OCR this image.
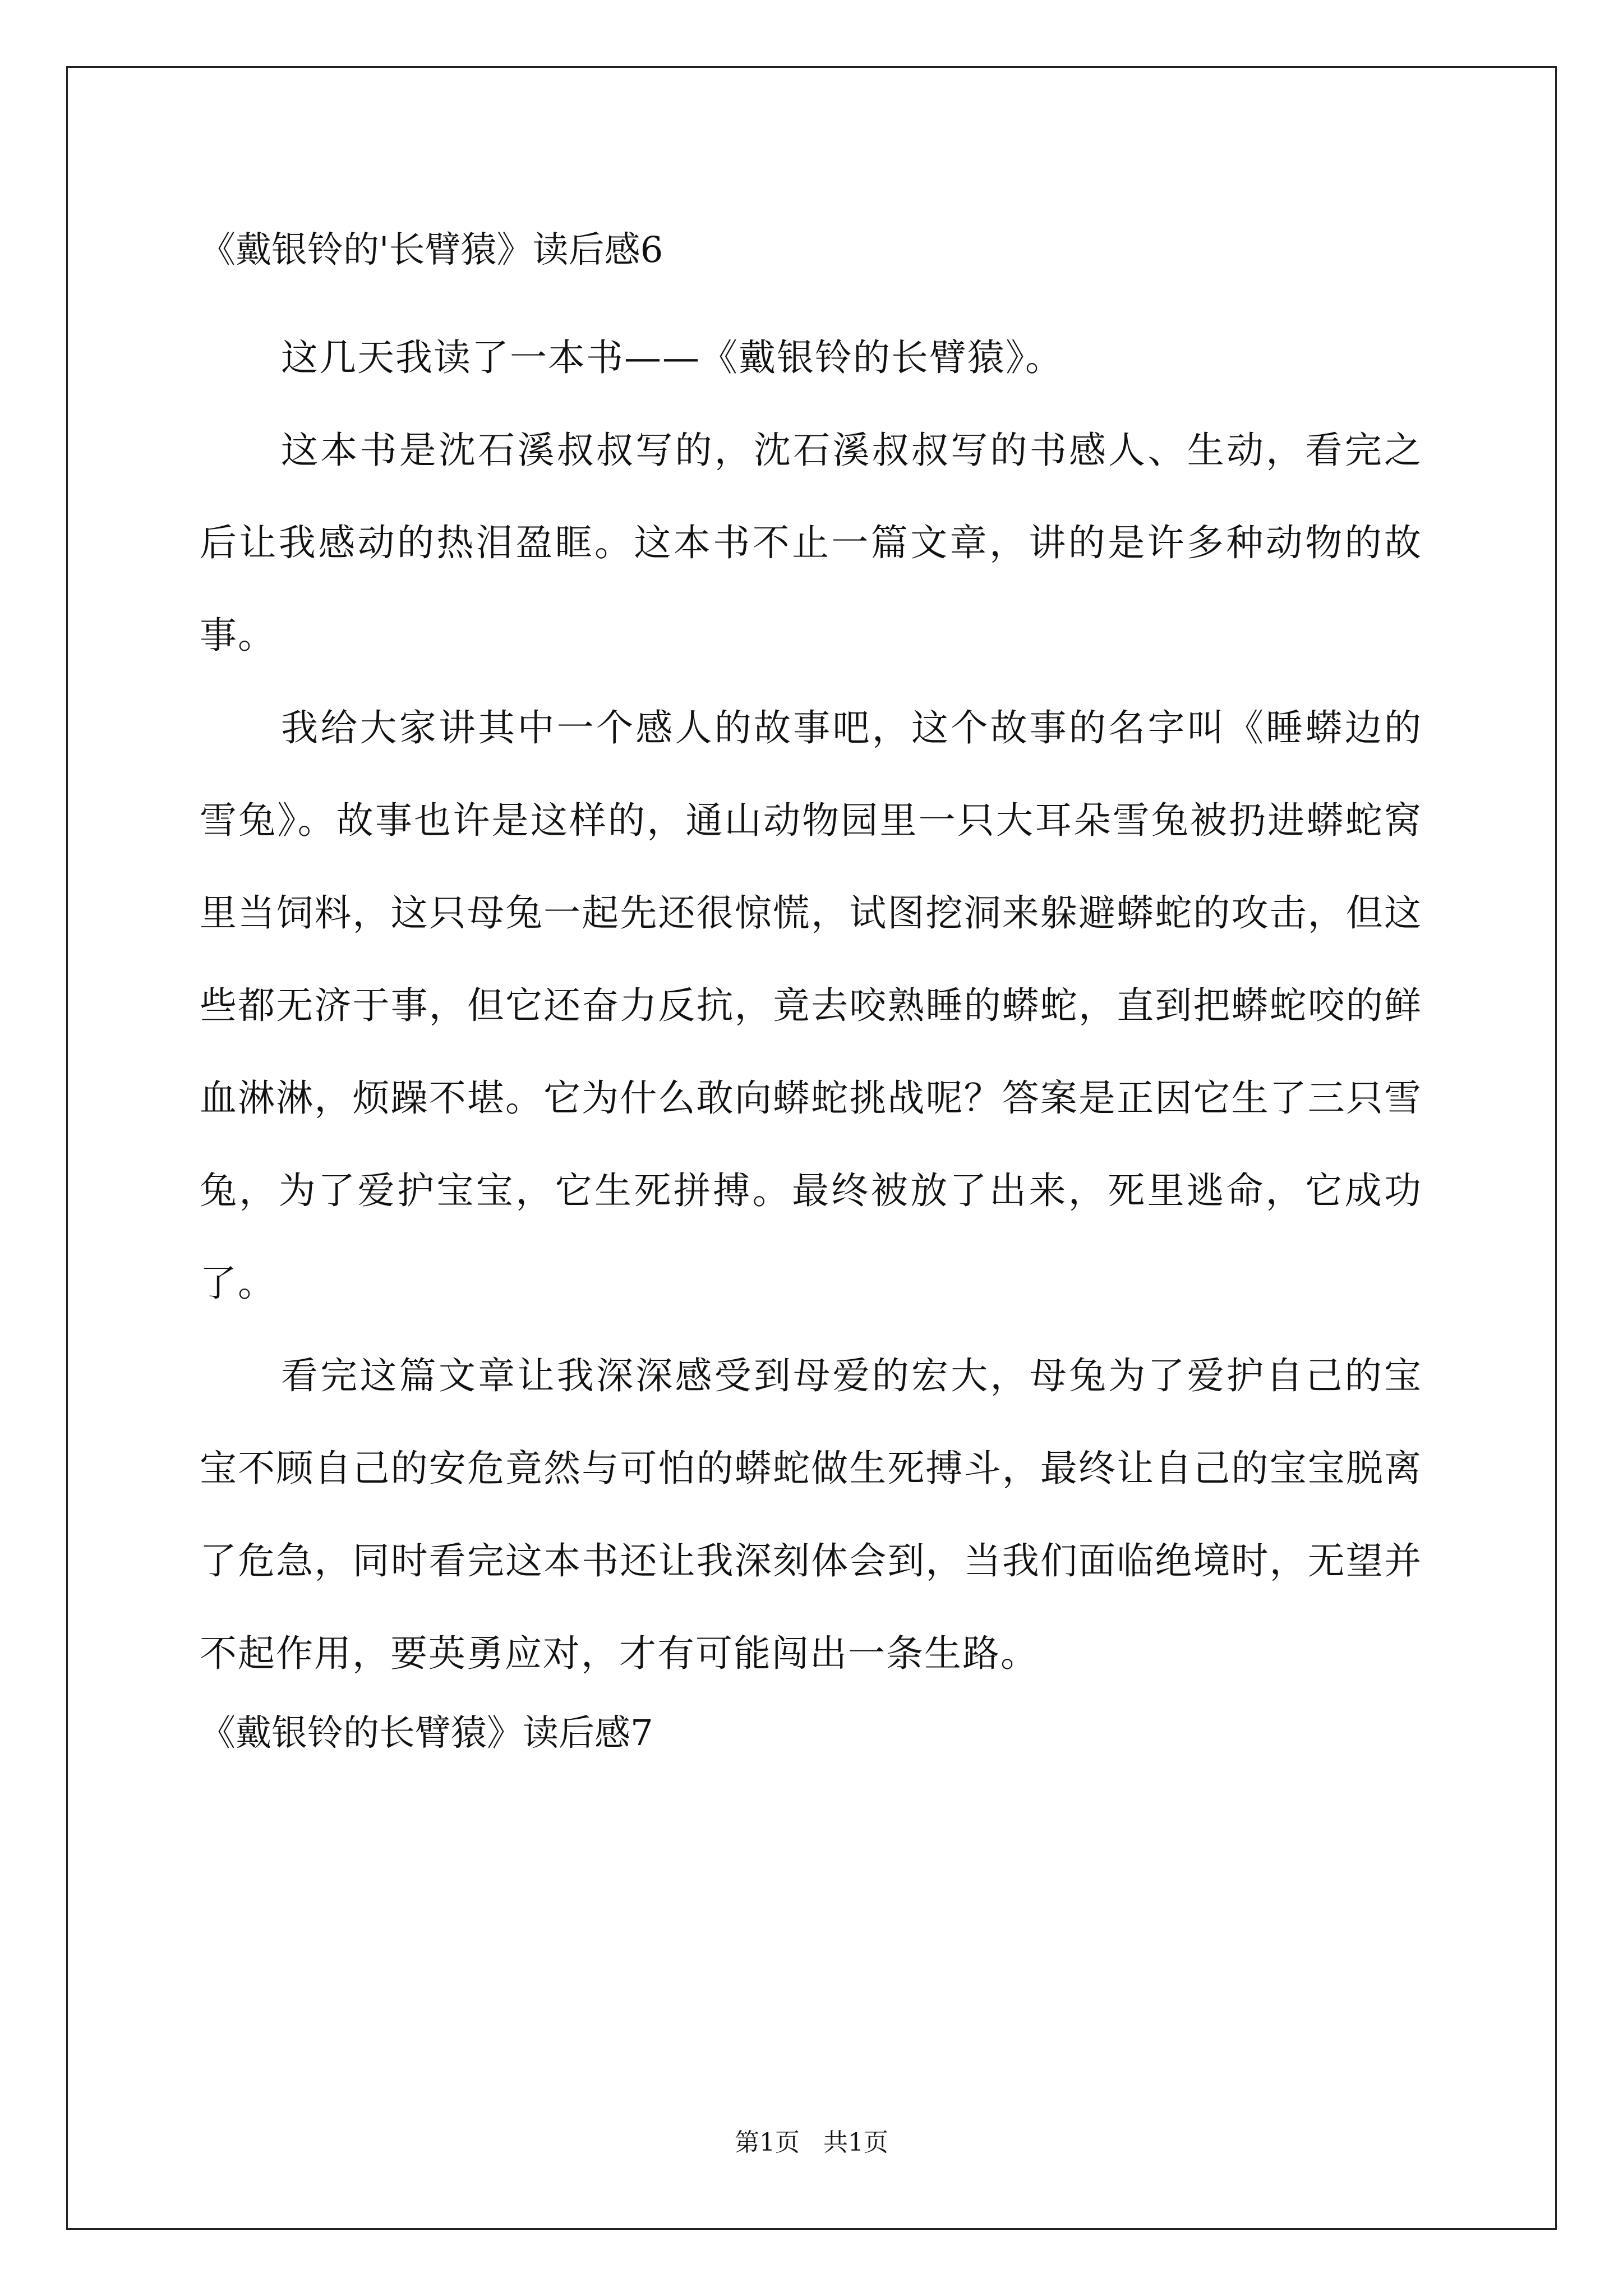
《戴银铃的'长臂猿》读后感6

这几天我读了一本书——《戴银铃的长臂猿》。

这本书是沈石溪叔叔写的，沈石溪叔叔写的书感人、生动，看完之后让我感动的热泪盈眶。这本书不止一篇文章，讲的是许多种动物的故事。

我给大家讲其中一个感人的故事吧，这个故事的名字叫《睡蟒边的雪兔》。故事也许是这样的，通山动物园里一只大耳朵雪兔被扔进蟒蛇窝里当饲料，这只母兔一起先还很惊慌，试图挖洞来躲避蟒蛇的攻击，但这些都无济于事，但它还奋力反抗，竟去咬熟睡的蟒蛇，直到把蟒蛇咬的鲜血淋淋，烦躁不堪。它为什么敢向蟒蛇挑战呢？答案是正因它生了三只雪兔，为了爱护宝宝，它生死拼搏。最终被放了出来，死里逃命，它成功了。

看完这篇文章让我深深感受到母爱的宏大，母兔为了爱护自己的宝宝不顾自己的安危竟然与可怕的蟒蛇做生死搏斗，最终让自己的宝宝脱离了危急，同时看完这本书还让我深刻体会到，当我们面临绝境时，无望并不起作用，要英勇应对，才有可能闯出一条生路。

《戴银铃的长臂猿》读后感7
第1页   共1页
